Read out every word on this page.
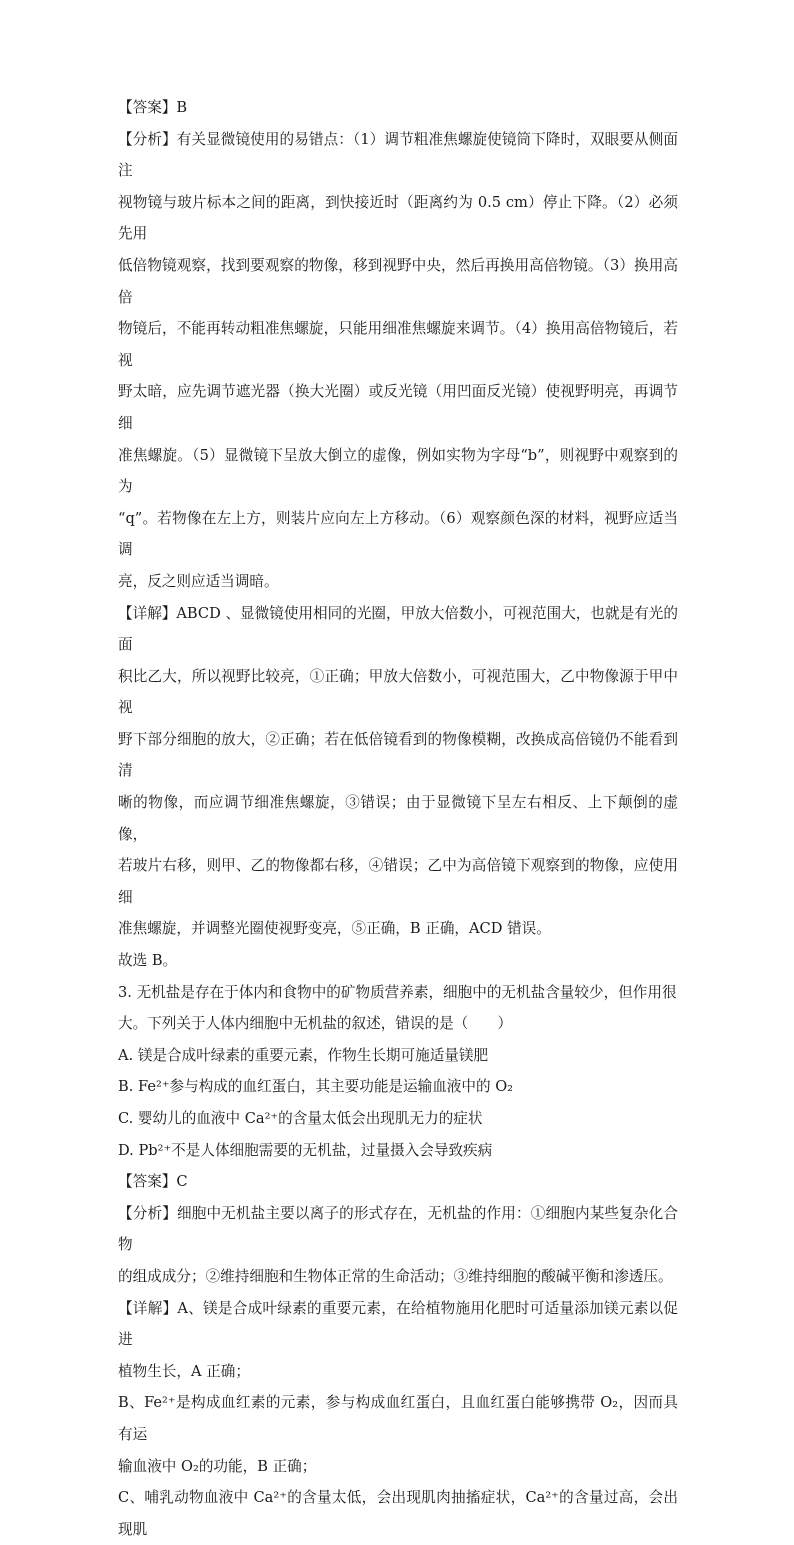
【答案】B

【分析】有关显微镜使用的易错点：（1）调节粗准焦螺旋使镜筒下降时，双眼要从侧面注

视物镜与玻片标本之间的距离，到快接近时（距离约为 0.5 cm）停止下降。（2）必须先用

低倍物镜观察，找到要观察的物像，移到视野中央，然后再换用高倍物镜。（3）换用高倍

物镜后，不能再转动粗准焦螺旋，只能用细准焦螺旋来调节。（4）换用高倍物镜后，若视

野太暗，应先调节遮光器（换大光圈）或反光镜（用凹面反光镜）使视野明亮，再调节细

准焦螺旋。（5）显微镜下呈放大倒立的虚像，例如实物为字母“b”，则视野中观察到的为

“q”。若物像在左上方，则装片应向左上方移动。（6）观察颜色深的材料，视野应适当调

亮，反之则应适当调暗。

【详解】ABCD 、显微镜使用相同的光圈，甲放大倍数小，可视范围大，也就是有光的面

积比乙大，所以视野比较亮，①正确；甲放大倍数小，可视范围大，乙中物像源于甲中视

野下部分细胞的放大，②正确；若在低倍镜看到的物像模糊，改换成高倍镜仍不能看到清

晰的物像，而应调节细准焦螺旋，③错误；由于显微镜下呈左右相反、上下颠倒的虚像，

若玻片右移，则甲、乙的物像都右移，④错误；乙中为高倍镜下观察到的物像，应使用细

准焦螺旋，并调整光圈使视野变亮，⑤正确，B 正确，ACD 错误。

故选 B。

3. 无机盐是存在于体内和食物中的矿物质营养素，细胞中的无机盐含量较少，但作用很

大。下列关于人体内细胞中无机盐的叙述，错误的是（　　）

A. 镁是合成叶绿素的重要元素，作物生长期可施适量镁肥

B. Fe²⁺参与构成的血红蛋白，其主要功能是运输血液中的 O₂

C. 婴幼儿的血液中 Ca²⁺的含量太低会出现肌无力的症状

D. Pb²⁺不是人体细胞需要的无机盐，过量摄入会导致疾病

【答案】C

【分析】细胞中无机盐主要以离子的形式存在，无机盐的作用：①细胞内某些复杂化合物

的组成成分；②维持细胞和生物体正常的生命活动；③维持细胞的酸碱平衡和渗透压。

【详解】A、镁是合成叶绿素的重要元素，在给植物施用化肥时可适量添加镁元素以促进

植物生长，A 正确；

B、Fe²⁺是构成血红素的元素，参与构成血红蛋白，且血红蛋白能够携带 O₂，因而具有运

输血液中 O₂的功能，B 正确；

C、哺乳动物血液中 Ca²⁺的含量太低，会出现肌肉抽搐症状，Ca²⁺的含量过高，会出现肌
